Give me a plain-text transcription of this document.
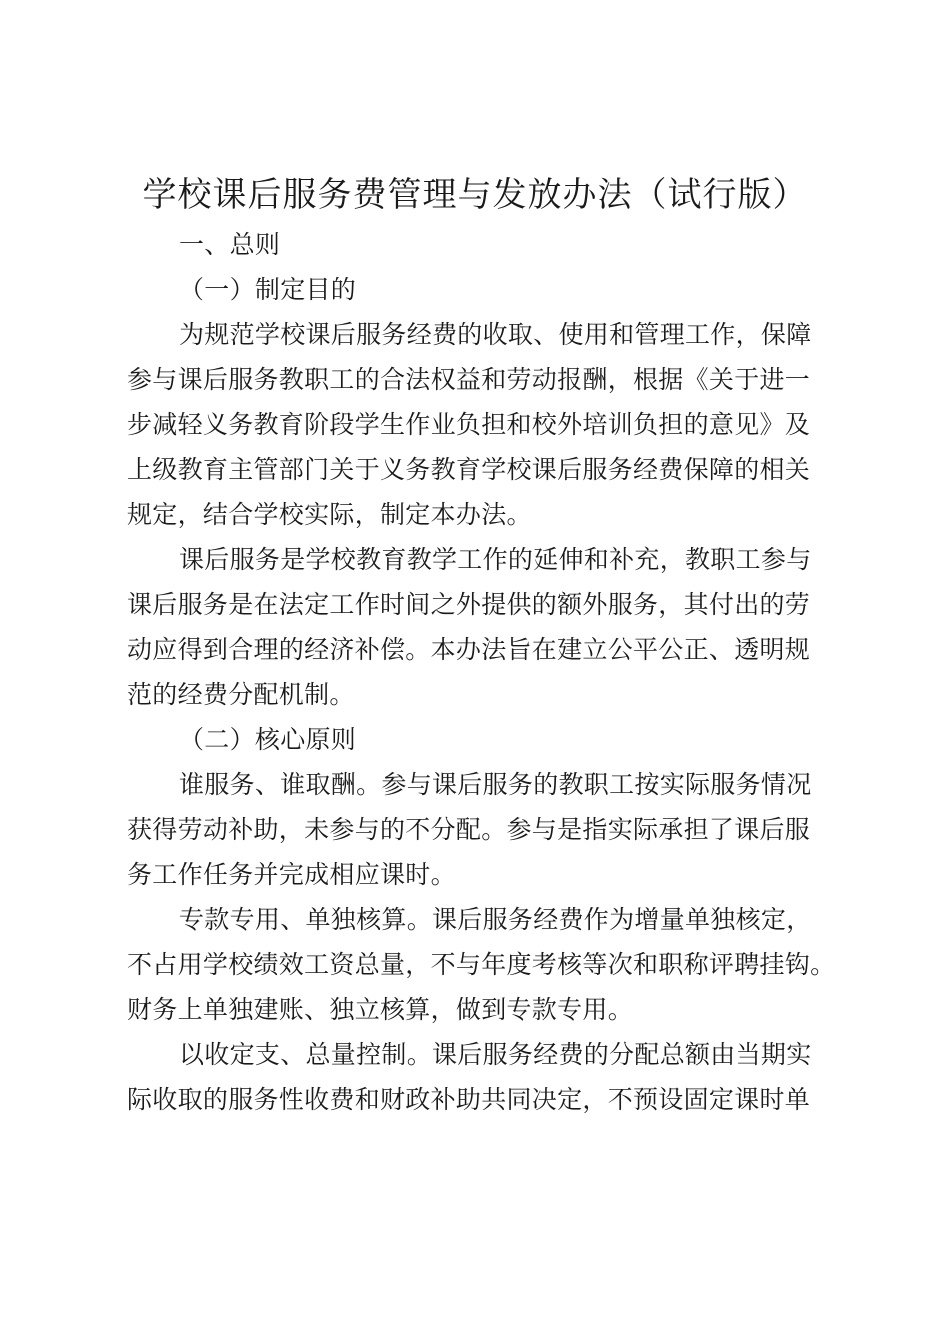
学校课后服务费管理与发放办法（试行版）
一、总则
（一）制定目的
为规范学校课后服务经费的收取、使用和管理工作，保障
参与课后服务教职工的合法权益和劳动报酬，根据《关于进一
步减轻义务教育阶段学生作业负担和校外培训负担的意见》及
上级教育主管部门关于义务教育学校课后服务经费保障的相关
规定，结合学校实际，制定本办法。
课后服务是学校教育教学工作的延伸和补充，教职工参与
课后服务是在法定工作时间之外提供的额外服务，其付出的劳
动应得到合理的经济补偿。本办法旨在建立公平公正、透明规
范的经费分配机制。
（二）核心原则
谁服务、谁取酬。参与课后服务的教职工按实际服务情况
获得劳动补助，未参与的不分配。参与是指实际承担了课后服
务工作任务并完成相应课时。
专款专用、单独核算。课后服务经费作为增量单独核定，
不占用学校绩效工资总量，不与年度考核等次和职称评聘挂钩。
财务上单独建账、独立核算，做到专款专用。
以收定支、总量控制。课后服务经费的分配总额由当期实
际收取的服务性收费和财政补助共同决定，不预设固定课时单
